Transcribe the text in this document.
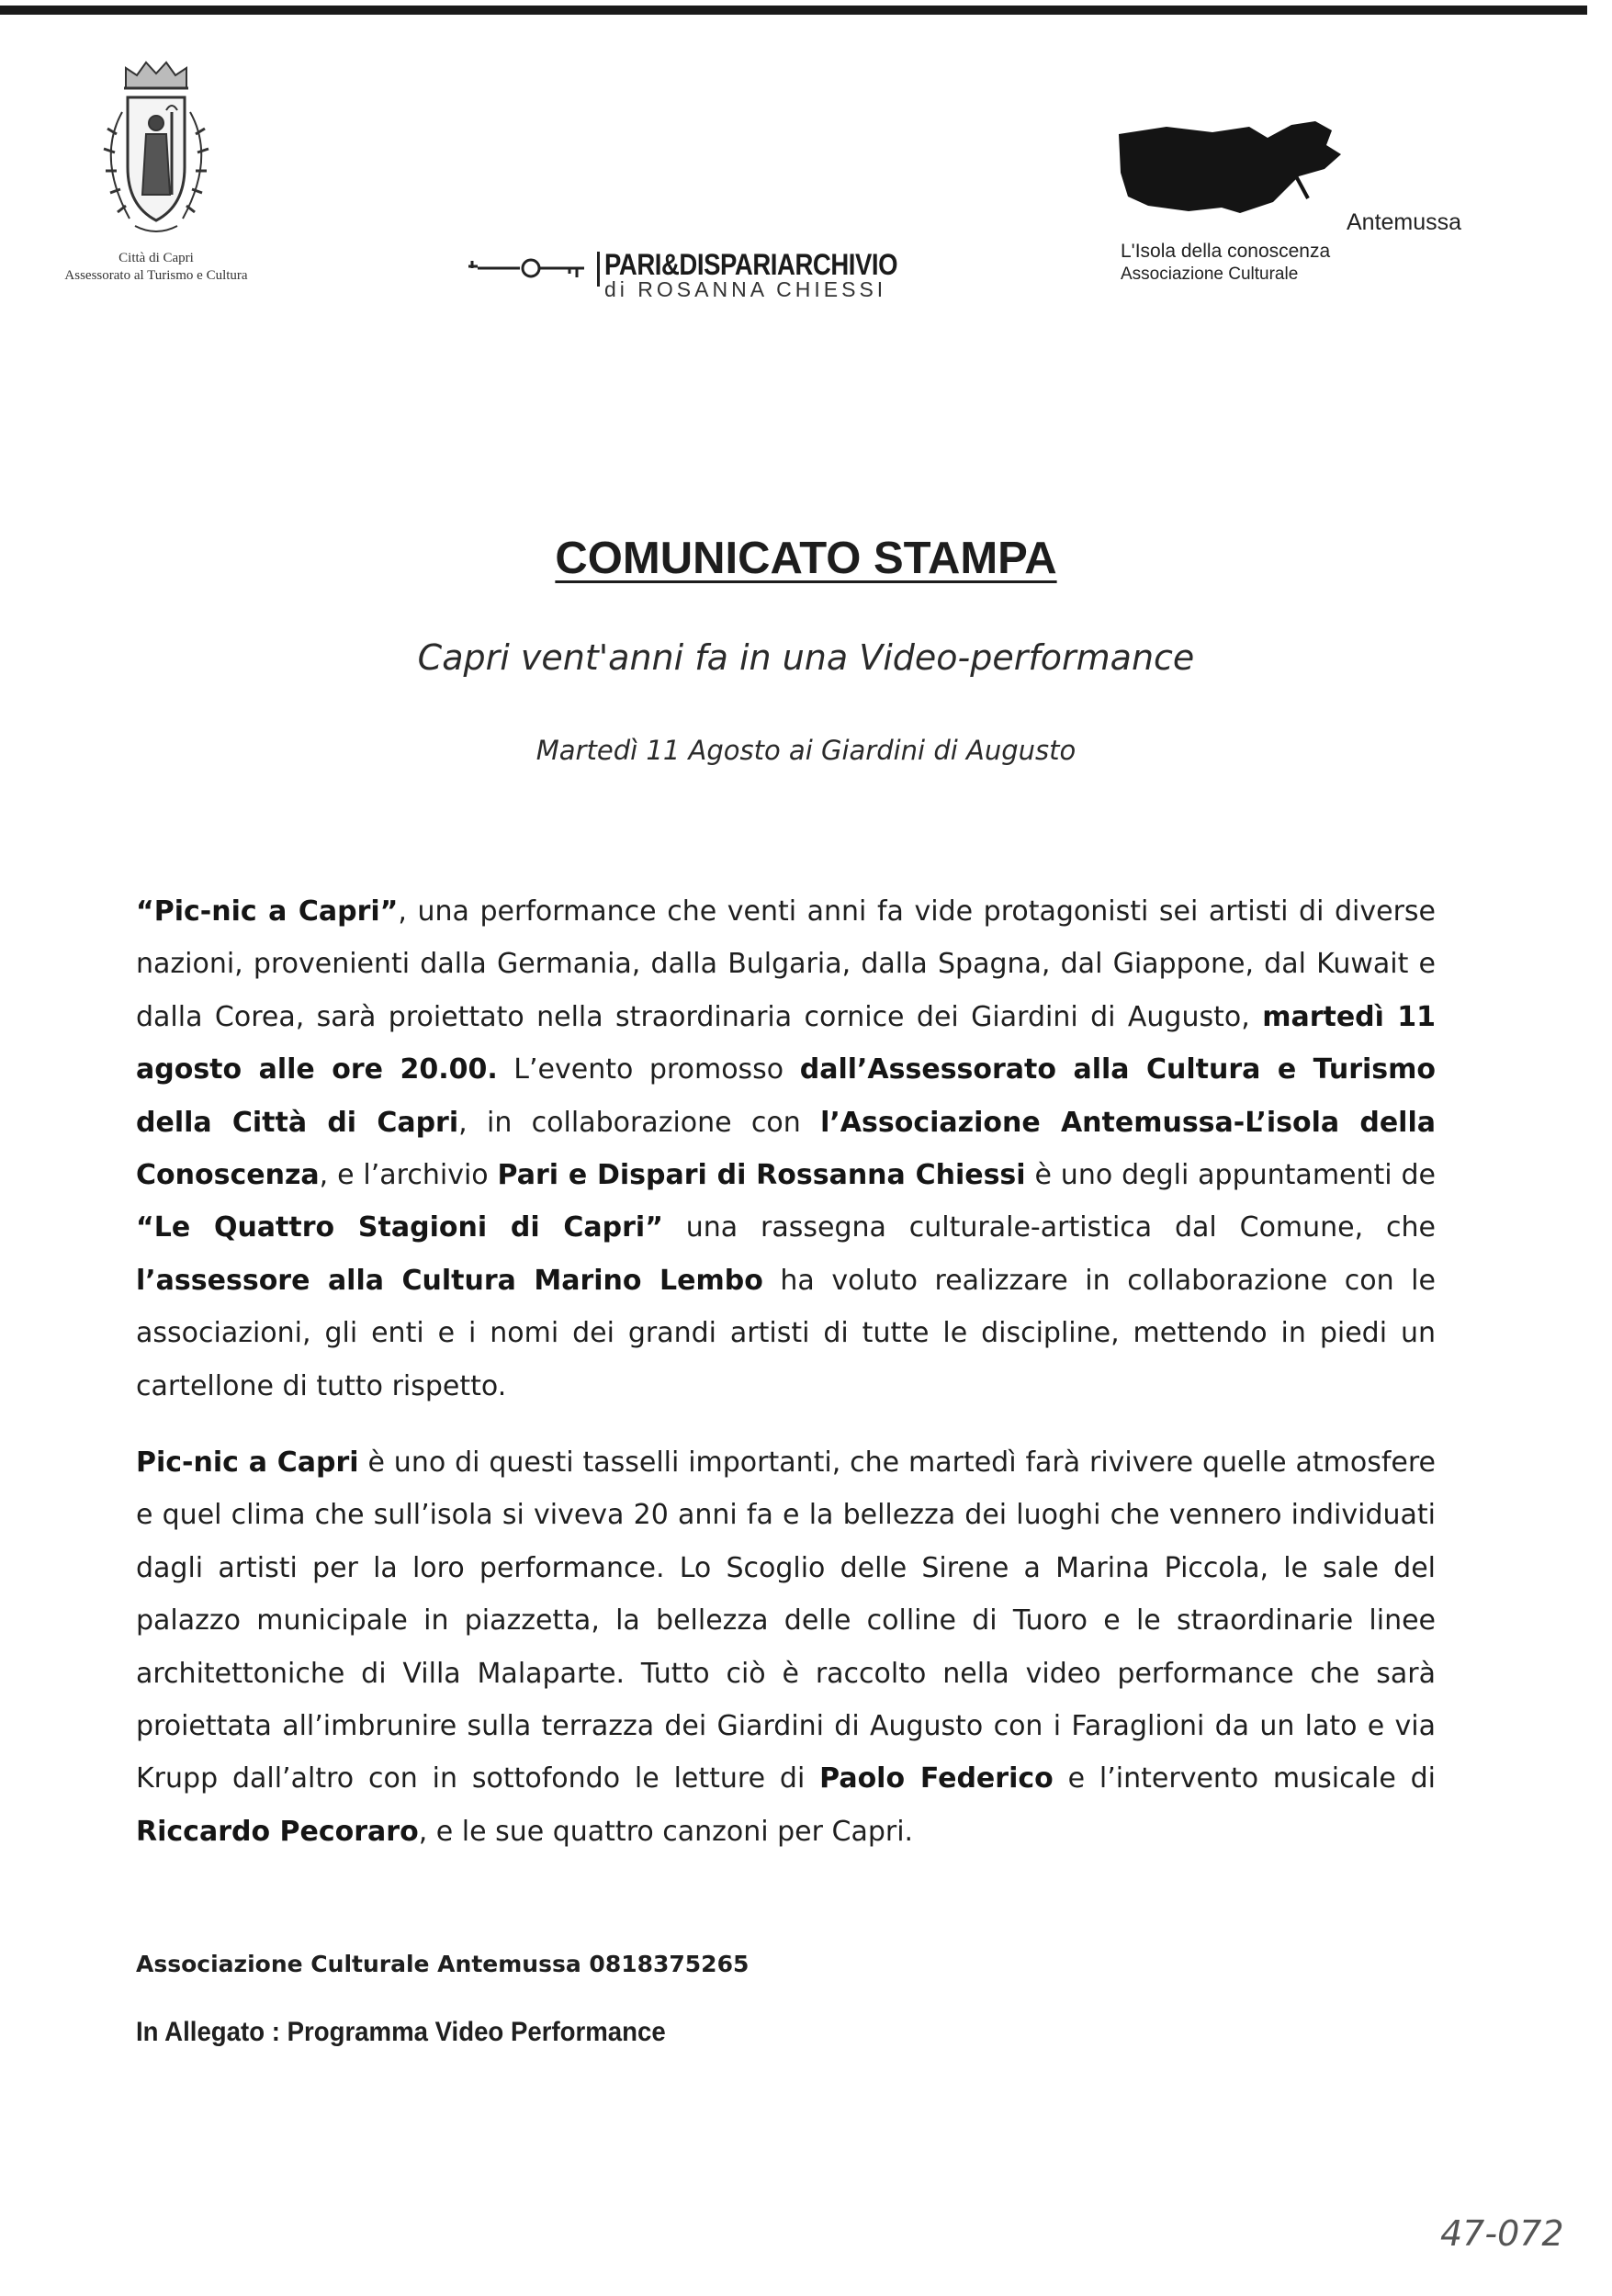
Città di Capri
Assessorato al Turismo e Cultura	PARI&DISPARIARCHIVIO
di ROSANNA CHIESSI
Antemussa
L'Isola della conoscenza
Associazione Culturale
COMUNICATO STAMPA
Capri vent'anni fa in una Video-performance
Martedì 11 Agosto ai Giardini di Augusto
“Pic-nic a Capri”, una performance che venti anni fa vide protagonisti sei artisti di diverse nazioni, provenienti dalla Germania, dalla Bulgaria, dalla Spagna, dal Giappone, dal Kuwait e dalla Corea, sarà proiettato nella straordinaria cornice dei Giardini di Augusto, martedì 11 agosto alle ore 20.00. L’evento promosso dall’Assessorato alla Cultura e Turismo della Città di Capri, in collaborazione con l’Associazione Antemussa-L’isola della Conoscenza, e l’archivio Pari e Dispari di Rossanna Chiessi è uno degli appuntamenti de “Le Quattro Stagioni di Capri” una rassegna culturale-artistica dal Comune, che l’assessore alla Cultura Marino Lembo ha voluto realizzare in collaborazione con le associazioni, gli enti e i nomi dei grandi artisti di tutte le discipline, mettendo in piedi un cartellone di tutto rispetto.
Pic-nic a Capri è uno di questi tasselli importanti, che martedì farà rivivere quelle atmosfere e quel clima che sull’isola si viveva 20 anni fa e la bellezza dei luoghi che vennero individuati dagli artisti per la loro performance. Lo Scoglio delle Sirene a Marina Piccola, le sale del palazzo municipale in piazzetta, la bellezza delle colline di Tuoro e le straordinarie linee architettoniche di Villa Malaparte. Tutto ciò è raccolto nella video performance che sarà proiettata all’imbrunire sulla terrazza dei Giardini di Augusto con i Faraglioni da un lato e via Krupp dall’altro con in sottofondo le letture di Paolo Federico e l’intervento musicale di Riccardo Pecoraro, e le sue quattro canzoni per Capri.
Associazione Culturale Antemussa 0818375265
In Allegato : Programma Video Performance
47-072
